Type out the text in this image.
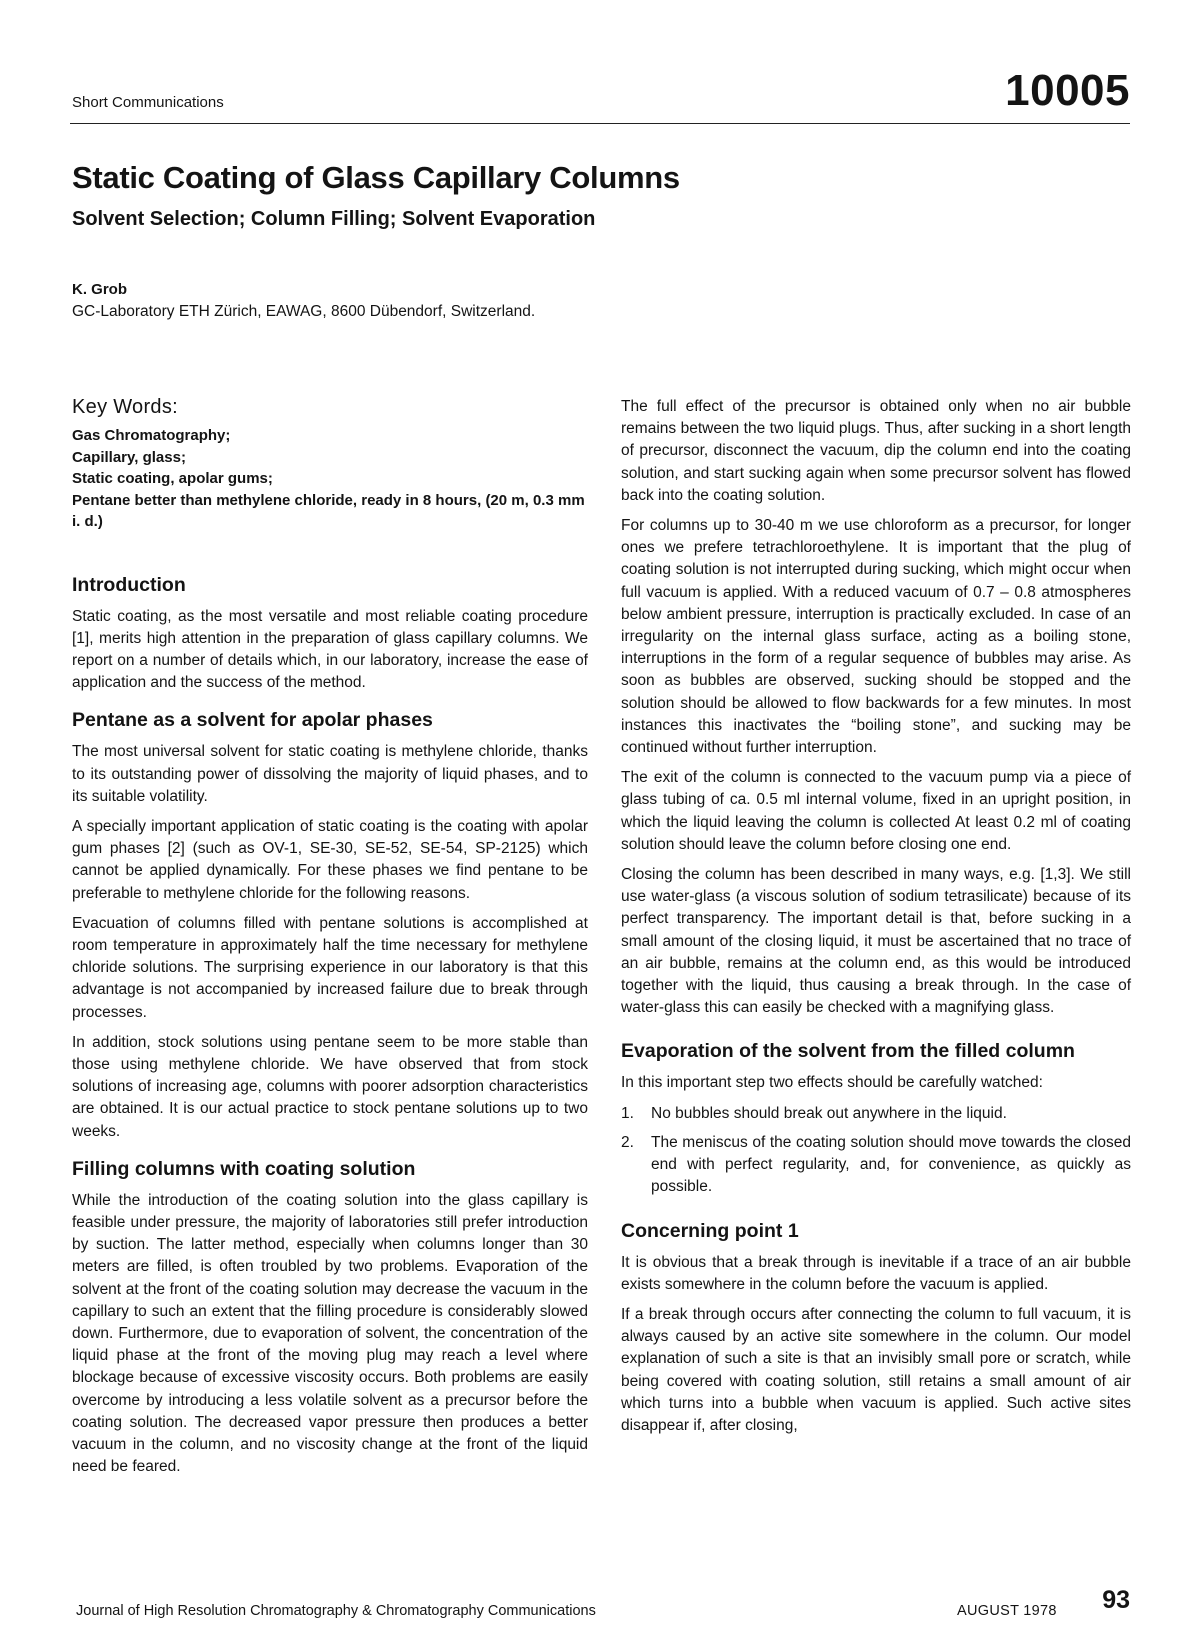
Short Communications	10005
Static Coating of Glass Capillary Columns
Solvent Selection; Column Filling; Solvent Evaporation
K. Grob
GC-Laboratory ETH Zürich, EAWAG, 8600 Dübendorf, Switzerland.
Key Words:
Gas Chromatography;
Capillary, glass;
Static coating, apolar gums;
Pentane better than methylene chloride, ready in 8 hours, (20 m, 0.3 mm i. d.)
Introduction

Static coating, as the most versatile and most reliable coating procedure [1], merits high attention in the preparation of glass capillary columns. We report on a number of details which, in our laboratory, increase the ease of application and the success of the method.

Pentane as a solvent for apolar phases

The most universal solvent for static coating is methylene chloride, thanks to its outstanding power of dissolving the majority of liquid phases, and to its suitable volatility.

A specially important application of static coating is the coating with apolar gum phases [2] (such as OV-1, SE-30, SE-52, SE-54, SP-2125) which cannot be applied dynamically. For these phases we find pentane to be preferable to methylene chloride for the following reasons.

Evacuation of columns filled with pentane solutions is accomplished at room temperature in approximately half the time necessary for methylene chloride solutions. The surprising experience in our laboratory is that this advantage is not accompanied by increased failure due to break through processes.

In addition, stock solutions using pentane seem to be more stable than those using methylene chloride. We have observed that from stock solutions of increasing age, columns with poorer adsorption characteristics are obtained. It is our actual practice to stock pentane solutions up to two weeks.

Filling columns with coating solution

While the introduction of the coating solution into the glass capillary is feasible under pressure, the majority of laboratories still prefer introduction by suction. The latter method, especially when columns longer than 30 meters are filled, is often troubled by two problems. Evaporation of the solvent at the front of the coating solution may decrease the vacuum in the capillary to such an extent that the filling procedure is considerably slowed down. Furthermore, due to evaporation of solvent, the concentration of the liquid phase at the front of the moving plug may reach a level where blockage because of excessive viscosity occurs. Both problems are easily overcome by introducing a less volatile solvent as a precursor before the coating solution. The decreased vapor pressure then produces a better vacuum in the column, and no viscosity change at the front of the liquid need be feared.

The full effect of the precursor is obtained only when no air bubble remains between the two liquid plugs. Thus, after sucking in a short length of precursor, disconnect the vacuum, dip the column end into the coating solution, and start sucking again when some precursor solvent has flowed back into the coating solution.

For columns up to 30-40 m we use chloroform as a precursor, for longer ones we prefere tetrachloroethylene. It is important that the plug of coating solution is not interrupted during sucking, which might occur when full vacuum is applied. With a reduced vacuum of 0.7 – 0.8 atmospheres below ambient pressure, interruption is practically excluded. In case of an irregularity on the internal glass surface, acting as a boiling stone, interruptions in the form of a regular sequence of bubbles may arise. As soon as bubbles are observed, sucking should be stopped and the solution should be allowed to flow backwards for a few minutes. In most instances this inactivates the “boiling stone”, and sucking may be continued without further interruption.

The exit of the column is connected to the vacuum pump via a piece of glass tubing of ca. 0.5 ml internal volume, fixed in an upright position, in which the liquid leaving the column is collected At least 0.2 ml of coating solution should leave the column before closing one end.

Closing the column has been described in many ways, e.g. [1,3]. We still use water-glass (a viscous solution of sodium tetrasilicate) because of its perfect transparency. The important detail is that, before sucking in a small amount of the closing liquid, it must be ascertained that no trace of an air bubble, remains at the column end, as this would be introduced together with the liquid, thus causing a break through. In the case of water-glass this can easily be checked with a magnifying glass.

Evaporation of the solvent from the filled column

In this important step two effects should be carefully watched:

1.	No bubbles should break out anywhere in the liquid.
2.	The meniscus of the coating solution should move towards the closed end with perfect regularity, and, for convenience, as quickly as possible.
Concerning point 1

It is obvious that a break through is inevitable if a trace of an air bubble exists somewhere in the column before the vacuum is applied.

If a break through occurs after connecting the column to full vacuum, it is always caused by an active site somewhere in the column. Our model explanation of such a site is that an invisibly small pore or scratch, while being covered with coating solution, still retains a small amount of air which turns into a bubble when vacuum is applied. Such active sites disappear if, after closing,

Journal of High Resolution Chromatography & Chromatography Communications	AUGUST 1978 93
